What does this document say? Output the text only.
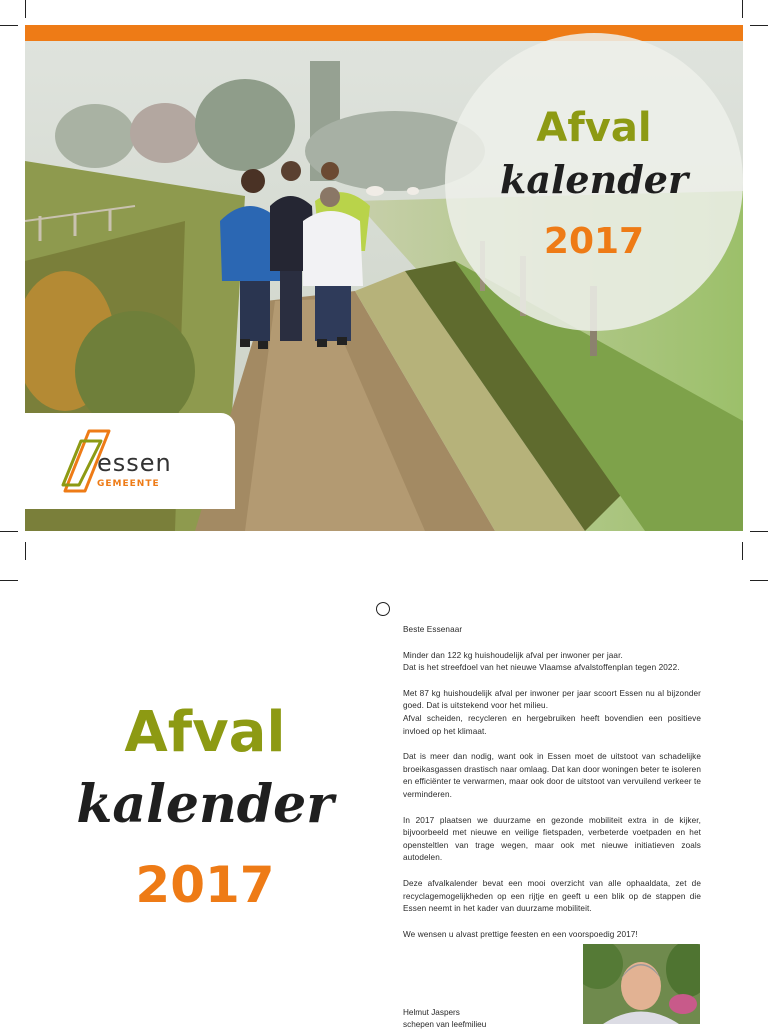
Afval
kalender
2017
essen
GEMEENTE
Afval
kalender
2017

Beste Essenaar

Minder dan 122 kg huishoudelijk afval per inwoner per jaar.
Dat is het streefdoel van het nieuwe Vlaamse afvalstoffenplan tegen 2022.

Met 87 kg huishoudelijk afval per inwoner per jaar scoort Essen nu al bijzonder goed. Dat is uitstekend voor het milieu.
Afval scheiden, recycleren en hergebruiken heeft bovendien een positieve invloed op het klimaat.

Dat is meer dan nodig, want ook in Essen moet de uitstoot van schadelijke broeikasgassen drastisch naar omlaag. Dat kan door woningen beter te isoleren en efficiënter te verwarmen, maar ook door de uitstoot van vervuilend verkeer te verminderen.

In 2017 plaatsen we duurzame en gezonde mobiliteit extra in de kijker, bijvoorbeeld met nieuwe en veilige fietspaden, verbeterde voetpaden en het opensteltlen van trage wegen, maar ook met nieuwe initiatieven zoals autodelen.

Deze afvalkalender bevat een mooi overzicht van alle ophaaldata, zet de recyclagemogelijkheden op een rijtje en geeft u een blik op de stappen die Essen neemt in het kader van duurzame mobiliteit.

We wensen u alvast prettige feesten en een voorspoedig 2017!

Helmut Jaspers
schepen van leefmilieu
